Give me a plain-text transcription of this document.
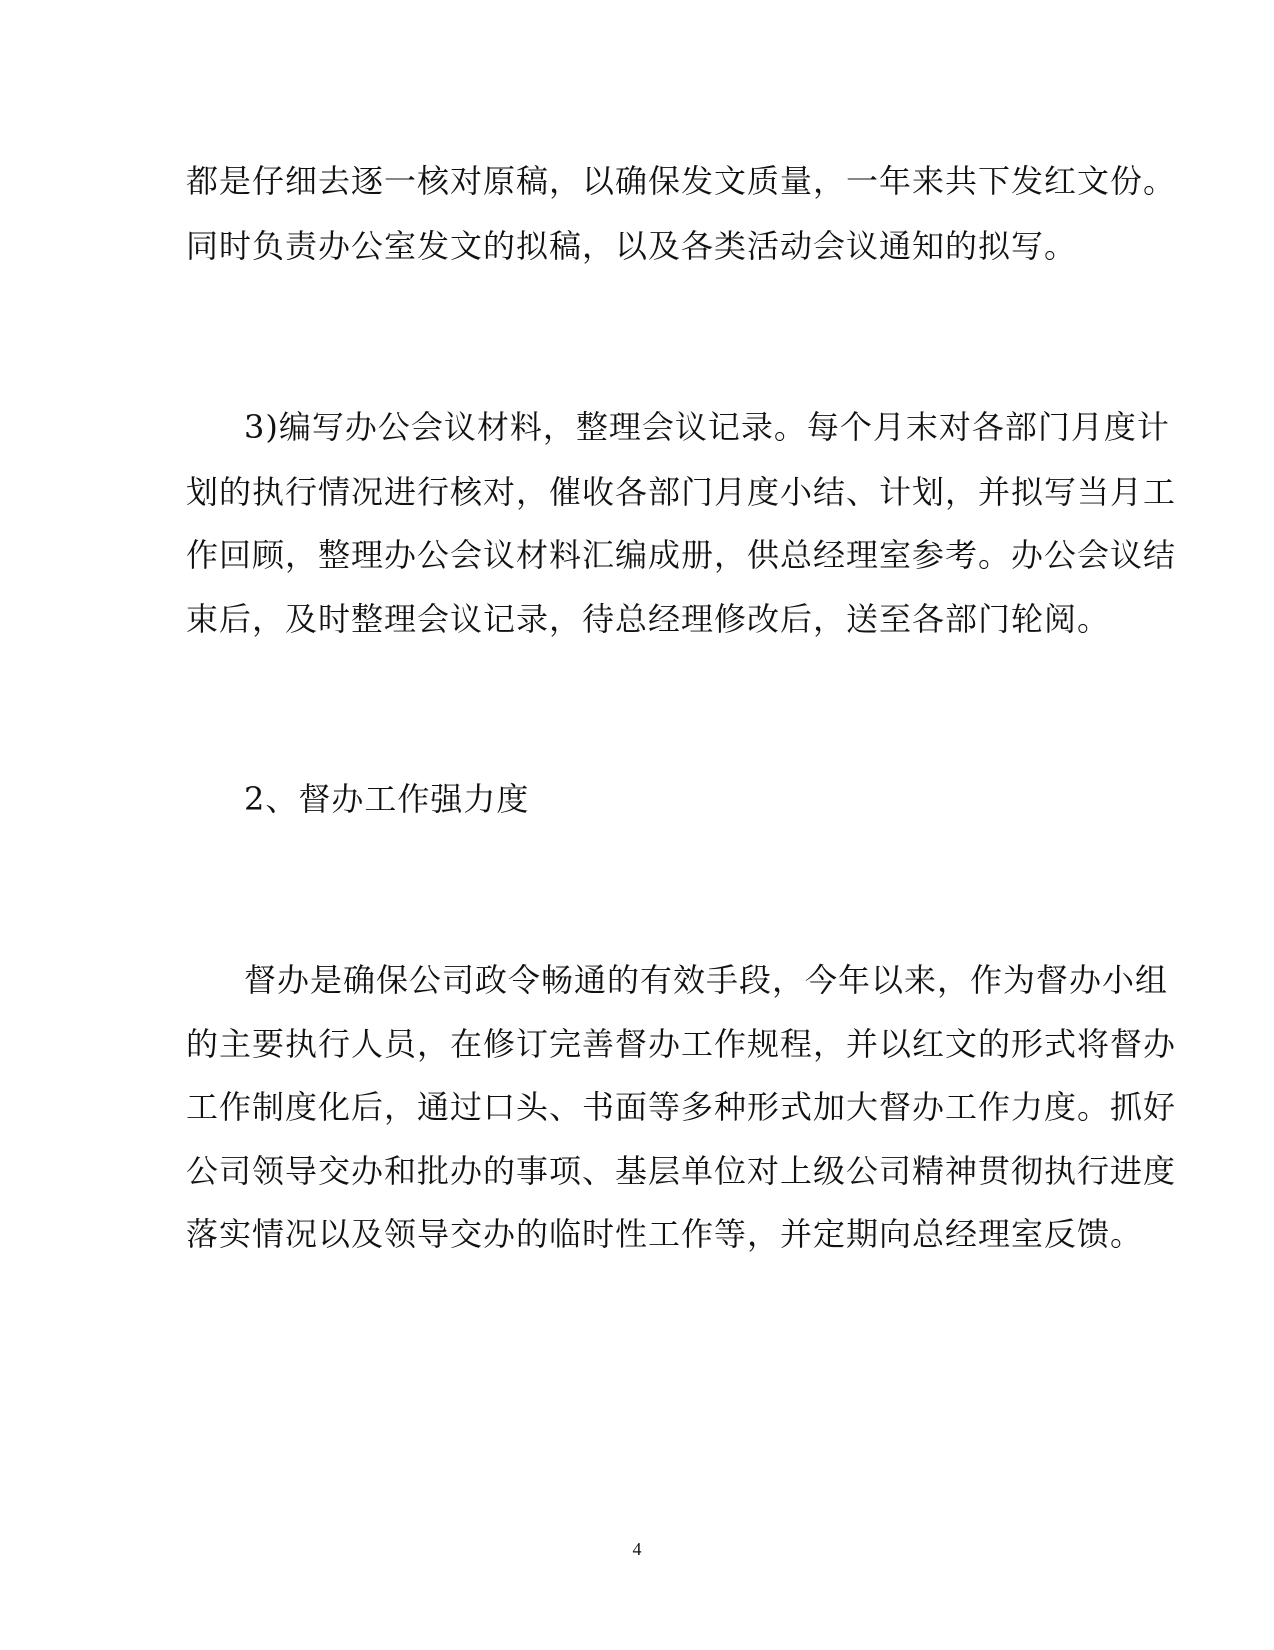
都是仔细去逐一核对原稿，以确保发文质量，一年来共下发红文份。
同时负责办公室发文的拟稿，以及各类活动会议通知的拟写。
3)编写办公会议材料，整理会议记录。每个月末对各部门月度计
划的执行情况进行核对，催收各部门月度小结、计划，并拟写当月工
作回顾，整理办公会议材料汇编成册，供总经理室参考。办公会议结
束后，及时整理会议记录，待总经理修改后，送至各部门轮阅。
2、督办工作强力度
督办是确保公司政令畅通的有效手段，今年以来，作为督办小组
的主要执行人员，在修订完善督办工作规程，并以红文的形式将督办
工作制度化后，通过口头、书面等多种形式加大督办工作力度。抓好
公司领导交办和批办的事项、基层单位对上级公司精神贯彻执行进度
落实情况以及领导交办的临时性工作等，并定期向总经理室反馈。
4
